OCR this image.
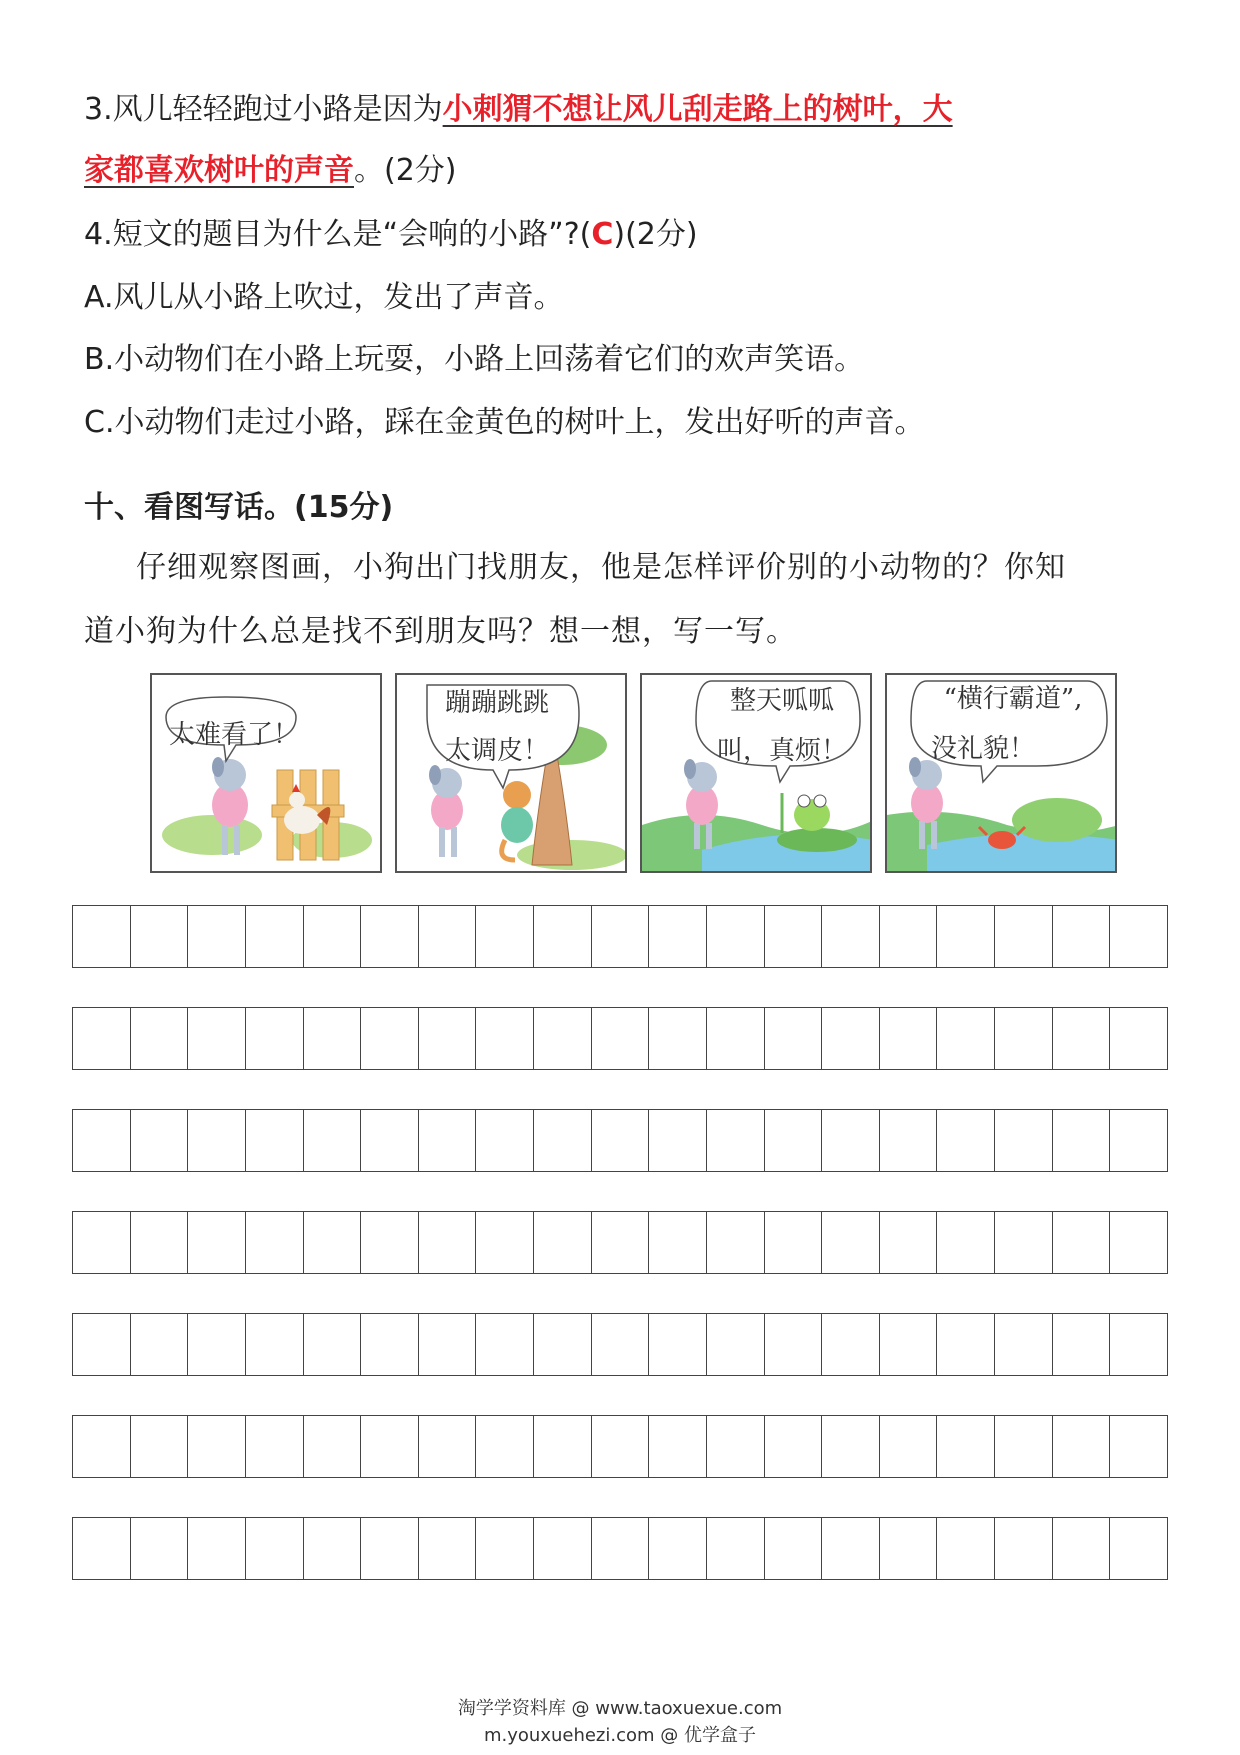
3.风儿轻轻跑过小路是因为小刺猬不想让风儿刮走路上的树叶，大
家都喜欢树叶的声音。(2分)
4.短文的题目为什么是“会响的小路”?(C)(2分)
A.风儿从小路上吹过，发出了声音。
B.小动物们在小路上玩耍，小路上回荡着它们的欢声笑语。
C.小动物们走过小路，踩在金黄色的树叶上，发出好听的声音。
十、看图写话。(15分)
仔细观察图画，小狗出门找朋友，他是怎样评价别的小动物的？你知
道小狗为什么总是找不到朋友吗？想一想，写一写。
太难看了！
蹦蹦跳跳
太调皮！
整天呱呱
叫，真烦！
“横行霸道”,
没礼貌！
淘学学资料库 @ www.taoxuexue.com
m.youxuehezi.com @ 优学盒子
